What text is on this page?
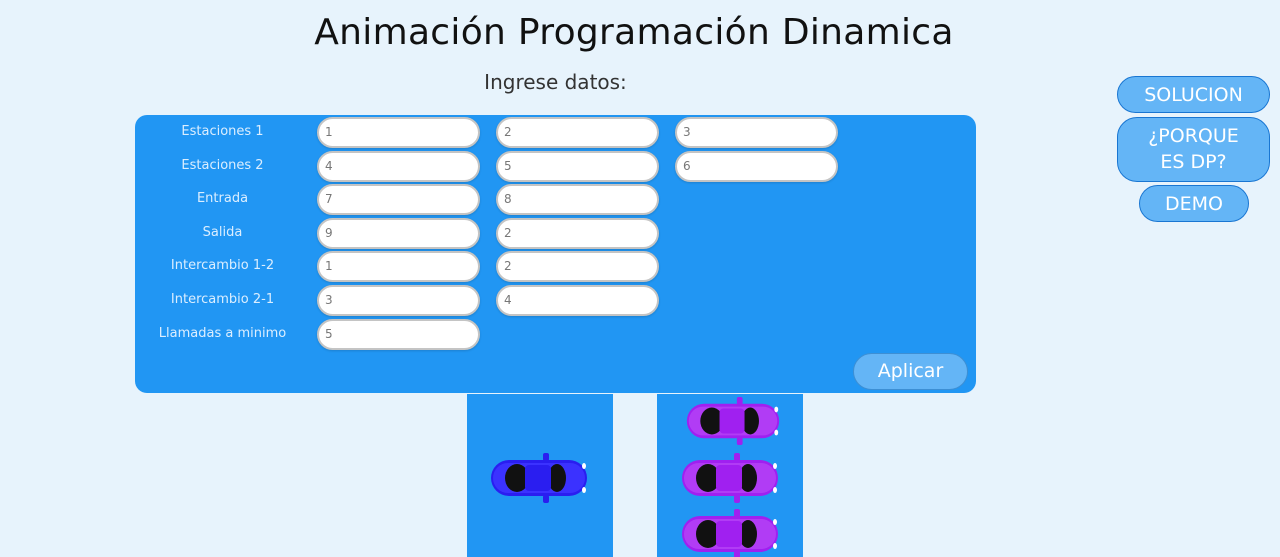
Animación Programación Dinamica
Ingrese datos:
Estaciones 1	1	2	3
Estaciones 2	4	5	6
Entrada	7	8
Salida	9	2
Intercambio 1-2	1	2
Intercambio 2-1	3	4
Llamadas a minimo	5
Aplicar
SOLUCION
¿PORQUE
ES DP?
DEMO
